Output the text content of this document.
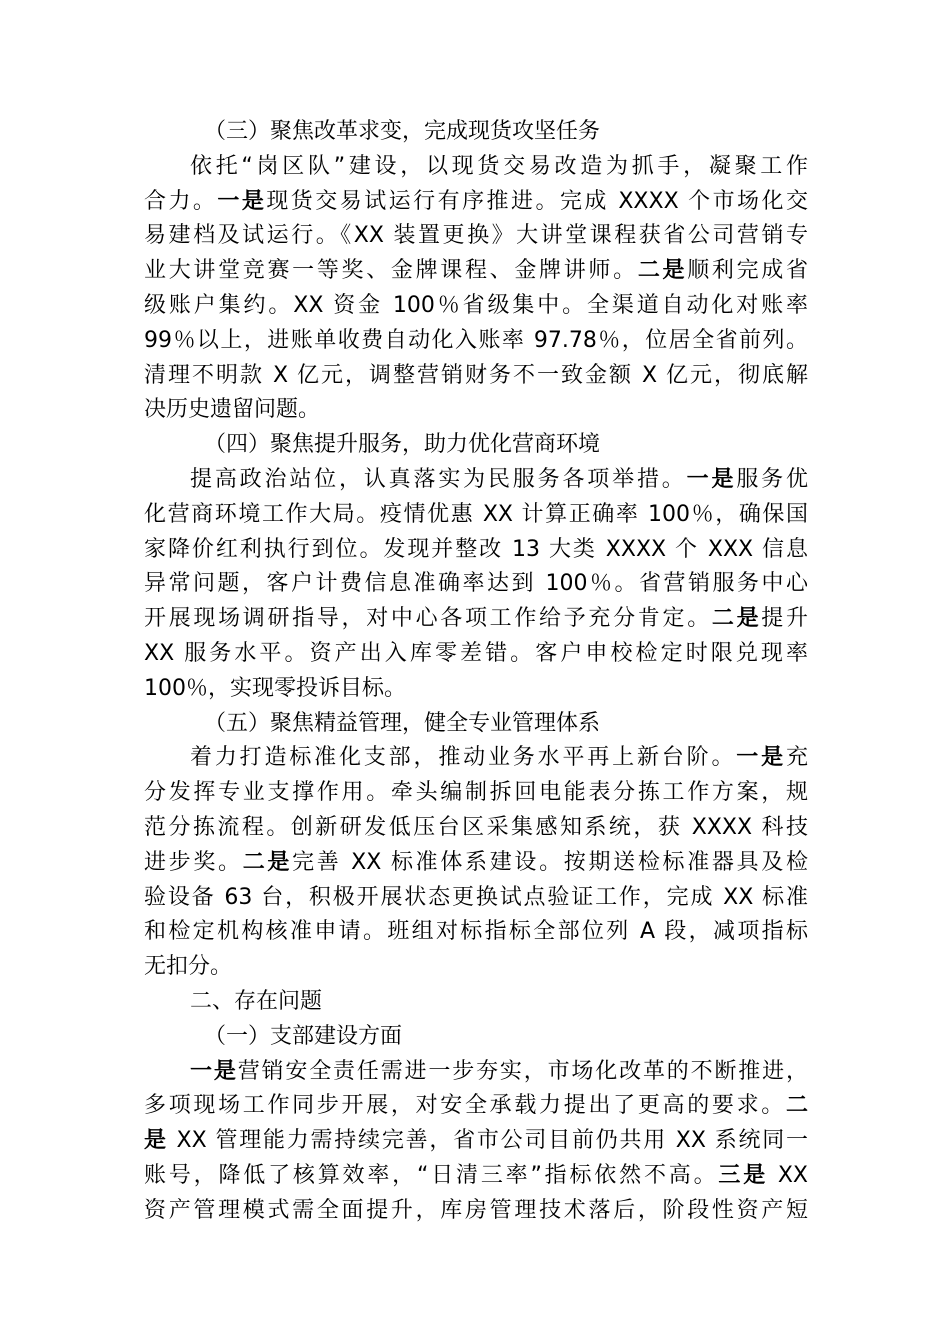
（三）聚焦改革求变，完成现货攻坚任务
依托“岗区队”建设，以现货交易改造为抓手，凝聚工作
合力。一是现货交易试运行有序推进。完成 XXXX 个市场化交
易建档及试运行。《XX 装置更换》大讲堂课程获省公司营销专
业大讲堂竞赛一等奖、金牌课程、金牌讲师。二是顺利完成省
级账户集约。XX 资金 100％省级集中。全渠道自动化对账率
99％以上，进账单收费自动化入账率 97.78％，位居全省前列。
清理不明款 X 亿元，调整营销财务不一致金额 X 亿元，彻底解
决历史遗留问题。
（四）聚焦提升服务，助力优化营商环境
提高政治站位，认真落实为民服务各项举措。一是服务优
化营商环境工作大局。疫情优惠 XX 计算正确率 100％，确保国
家降价红利执行到位。发现并整改 13 大类 XXXX 个 XXX 信息
异常问题，客户计费信息准确率达到 100％。省营销服务中心
开展现场调研指导，对中心各项工作给予充分肯定。二是提升
XX 服务水平。资产出入库零差错。客户申校检定时限兑现率
100％，实现零投诉目标。
（五）聚焦精益管理，健全专业管理体系
着力打造标准化支部，推动业务水平再上新台阶。一是充
分发挥专业支撑作用。牵头编制拆回电能表分拣工作方案，规
范分拣流程。创新研发低压台区采集感知系统，获 XXXX 科技
进步奖。二是完善 XX 标准体系建设。按期送检标准器具及检
验设备 63 台，积极开展状态更换试点验证工作，完成 XX 标准
和检定机构核准申请。班组对标指标全部位列 A 段，减项指标
无扣分。
二、存在问题
（一）支部建设方面
一是营销安全责任需进一步夯实，市场化改革的不断推进，
多项现场工作同步开展，对安全承载力提出了更高的要求。二
是 XX 管理能力需持续完善，省市公司目前仍共用 XX 系统同一
账号，降低了核算效率，“日清三率”指标依然不高。三是 XX
资产管理模式需全面提升，库房管理技术落后，阶段性资产短
